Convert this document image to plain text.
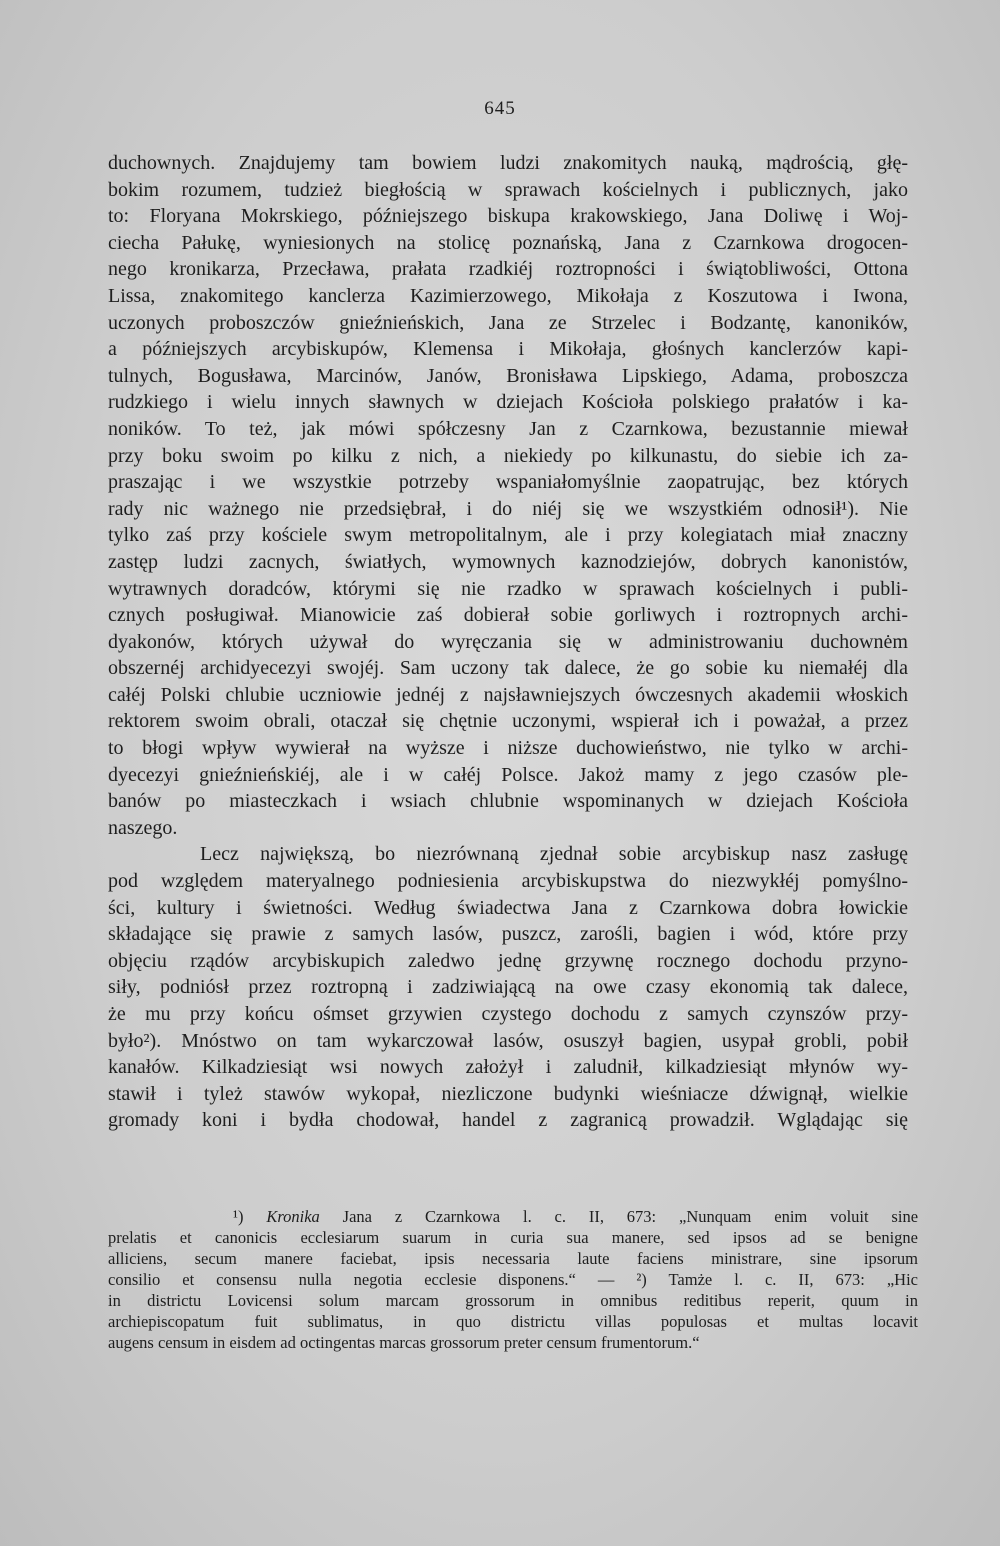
645
duchownych. Znajdujemy tam bowiem ludzi znakomitych nauką, mądrością, głę-
bokim rozumem, tudzież biegłością w sprawach kościelnych i publicznych, jako
to: Floryana Mokrskiego, późniejszego biskupa krakowskiego, Jana Doliwę i Woj-
ciecha Pałukę, wyniesionych na stolicę poznańską, Jana z Czarnkowa drogocen-
nego kronikarza, Przecława, prałata rzadkiéj roztropności i świątobliwości, Ottona
Lissa, znakomitego kanclerza Kazimierzowego, Mikołaja z Koszutowa i Iwona,
uczonych proboszczów gnieźnieńskich, Jana ze Strzelec i Bodzantę, kanoników,
a późniejszych arcybiskupów, Klemensa i Mikołaja, głośnych kanclerzów kapi-
tulnych, Bogusława, Marcinów, Janów, Bronisława Lipskiego, Adama, proboszcza
rudzkiego i wielu innych sławnych w dziejach Kościoła polskiego prałatów i ka-
noników. To też, jak mówi spółczesny Jan z Czarnkowa, bezustannie miewał
przy boku swoim po kilku z nich, a niekiedy po kilkunastu, do siebie ich za-
praszając i we wszystkie potrzeby wspaniałomyślnie zaopatrując, bez których
rady nic ważnego nie przedsiębrał, i do niéj się we wszystkiém odnosił¹). Nie
tylko zaś przy kościele swym metropolitalnym, ale i przy kolegiatach miał znaczny
zastęp ludzi zacnych, światłych, wymownych kaznodziejów, dobrych kanonistów,
wytrawnych doradców, którymi się nie rzadko w sprawach kościelnych i publi-
cznych posługiwał. Mianowicie zaś dobierał sobie gorliwych i roztropnych archi-
dyakonów, których używał do wyręczania się w administrowaniu duchownėm
obszernéj archidyecezyi swojéj. Sam uczony tak dalece, że go sobie ku niemałéj dla
całéj Polski chlubie uczniowie jednéj z najsławniejszych ówczesnych akademii włoskich
rektorem swoim obrali, otaczał się chętnie uczonymi, wspierał ich i poważał, a przez
to błogi wpływ wywierał na wyższe i niższe duchowieństwo, nie tylko w archi-
dyecezyi gnieźnieńskiéj, ale i w całéj Polsce. Jakoż mamy z jego czasów ple-
banów po miasteczkach i wsiach chlubnie wspominanych w dziejach Kościoła
naszego.
Lecz największą, bo niezrównaną zjednał sobie arcybiskup nasz zasługę
pod względem materyalnego podniesienia arcybiskupstwa do niezwykłéj pomyślno-
ści, kultury i świetności. Według świadectwa Jana z Czarnkowa dobra łowickie
składające się prawie z samych lasów, puszcz, zarośli, bagien i wód, które przy
objęciu rządów arcybiskupich zaledwo jednę grzywnę rocznego dochodu przyno-
siły, podniósł przez roztropną i zadziwiającą na owe czasy ekonomią tak dalece,
że mu przy końcu ośmset grzywien czystego dochodu z samych czynszów przy-
było²). Mnóstwo on tam wykarczował lasów, osuszył bagien, usypał grobli, pobił
kanałów. Kilkadziesiąt wsi nowych założył i zaludnił, kilkadziesiąt młynów wy-
stawił i tyleż stawów wykopał, niezliczone budynki wieśniacze dźwignął, wielkie
gromady koni i bydła chodował, handel z zagranicą prowadził. Wglądając się
¹) Kronika Jana z Czarnkowa l. c. II, 673: „Nunquam enim voluit sine
prelatis et canonicis ecclesiarum suarum in curia sua manere, sed ipsos ad se benigne
alliciens, secum manere faciebat, ipsis necessaria laute faciens ministrare, sine ipsorum
consilio et consensu nulla negotia ecclesie disponens.“ — ²) Tamże l. c. II, 673: „Hic
in districtu Lovicensi solum marcam grossorum in omnibus reditibus reperit, quum in
archiepiscopatum fuit sublimatus, in quo districtu villas populosas et multas locavit
augens censum in eisdem ad octingentas marcas grossorum preter censum frumentorum.“
